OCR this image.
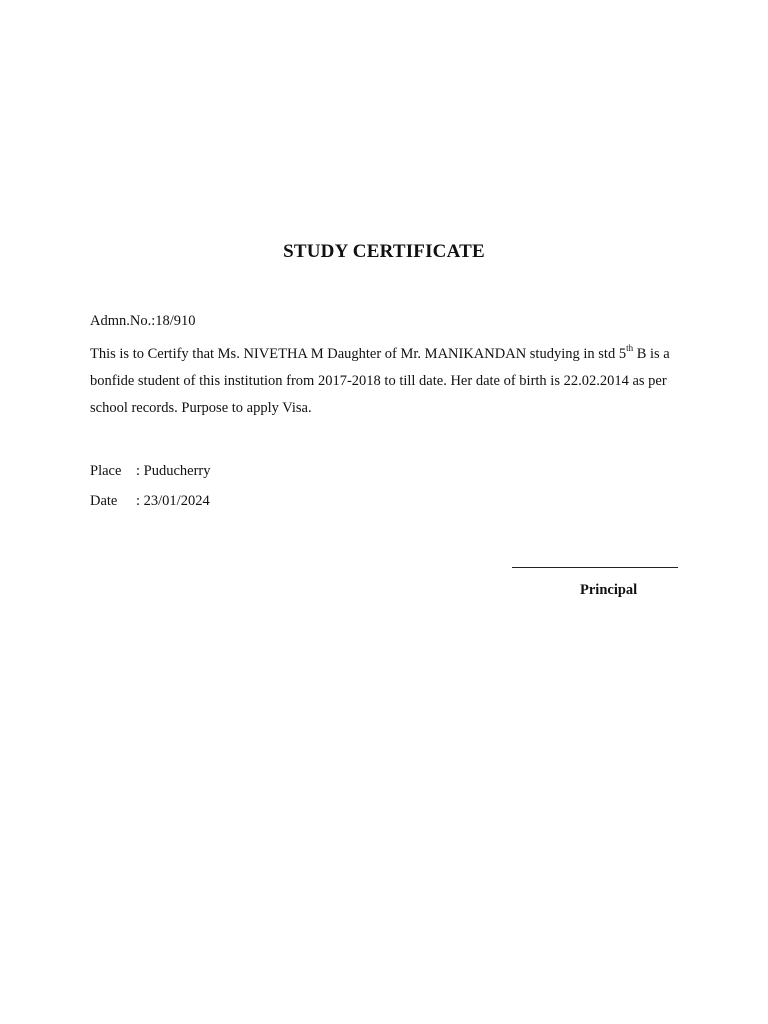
STUDY CERTIFICATE
Admn.No.:18/910
This is to Certify that Ms. NIVETHA M Daughter of Mr. MANIKANDAN studying in std 5th B is a bonfide student of this institution from 2017-2018 to till date. Her date of birth is 22.02.2014 as per school records. Purpose to apply Visa.
Place : Puducherry
Date : 23/01/2024
Principal
